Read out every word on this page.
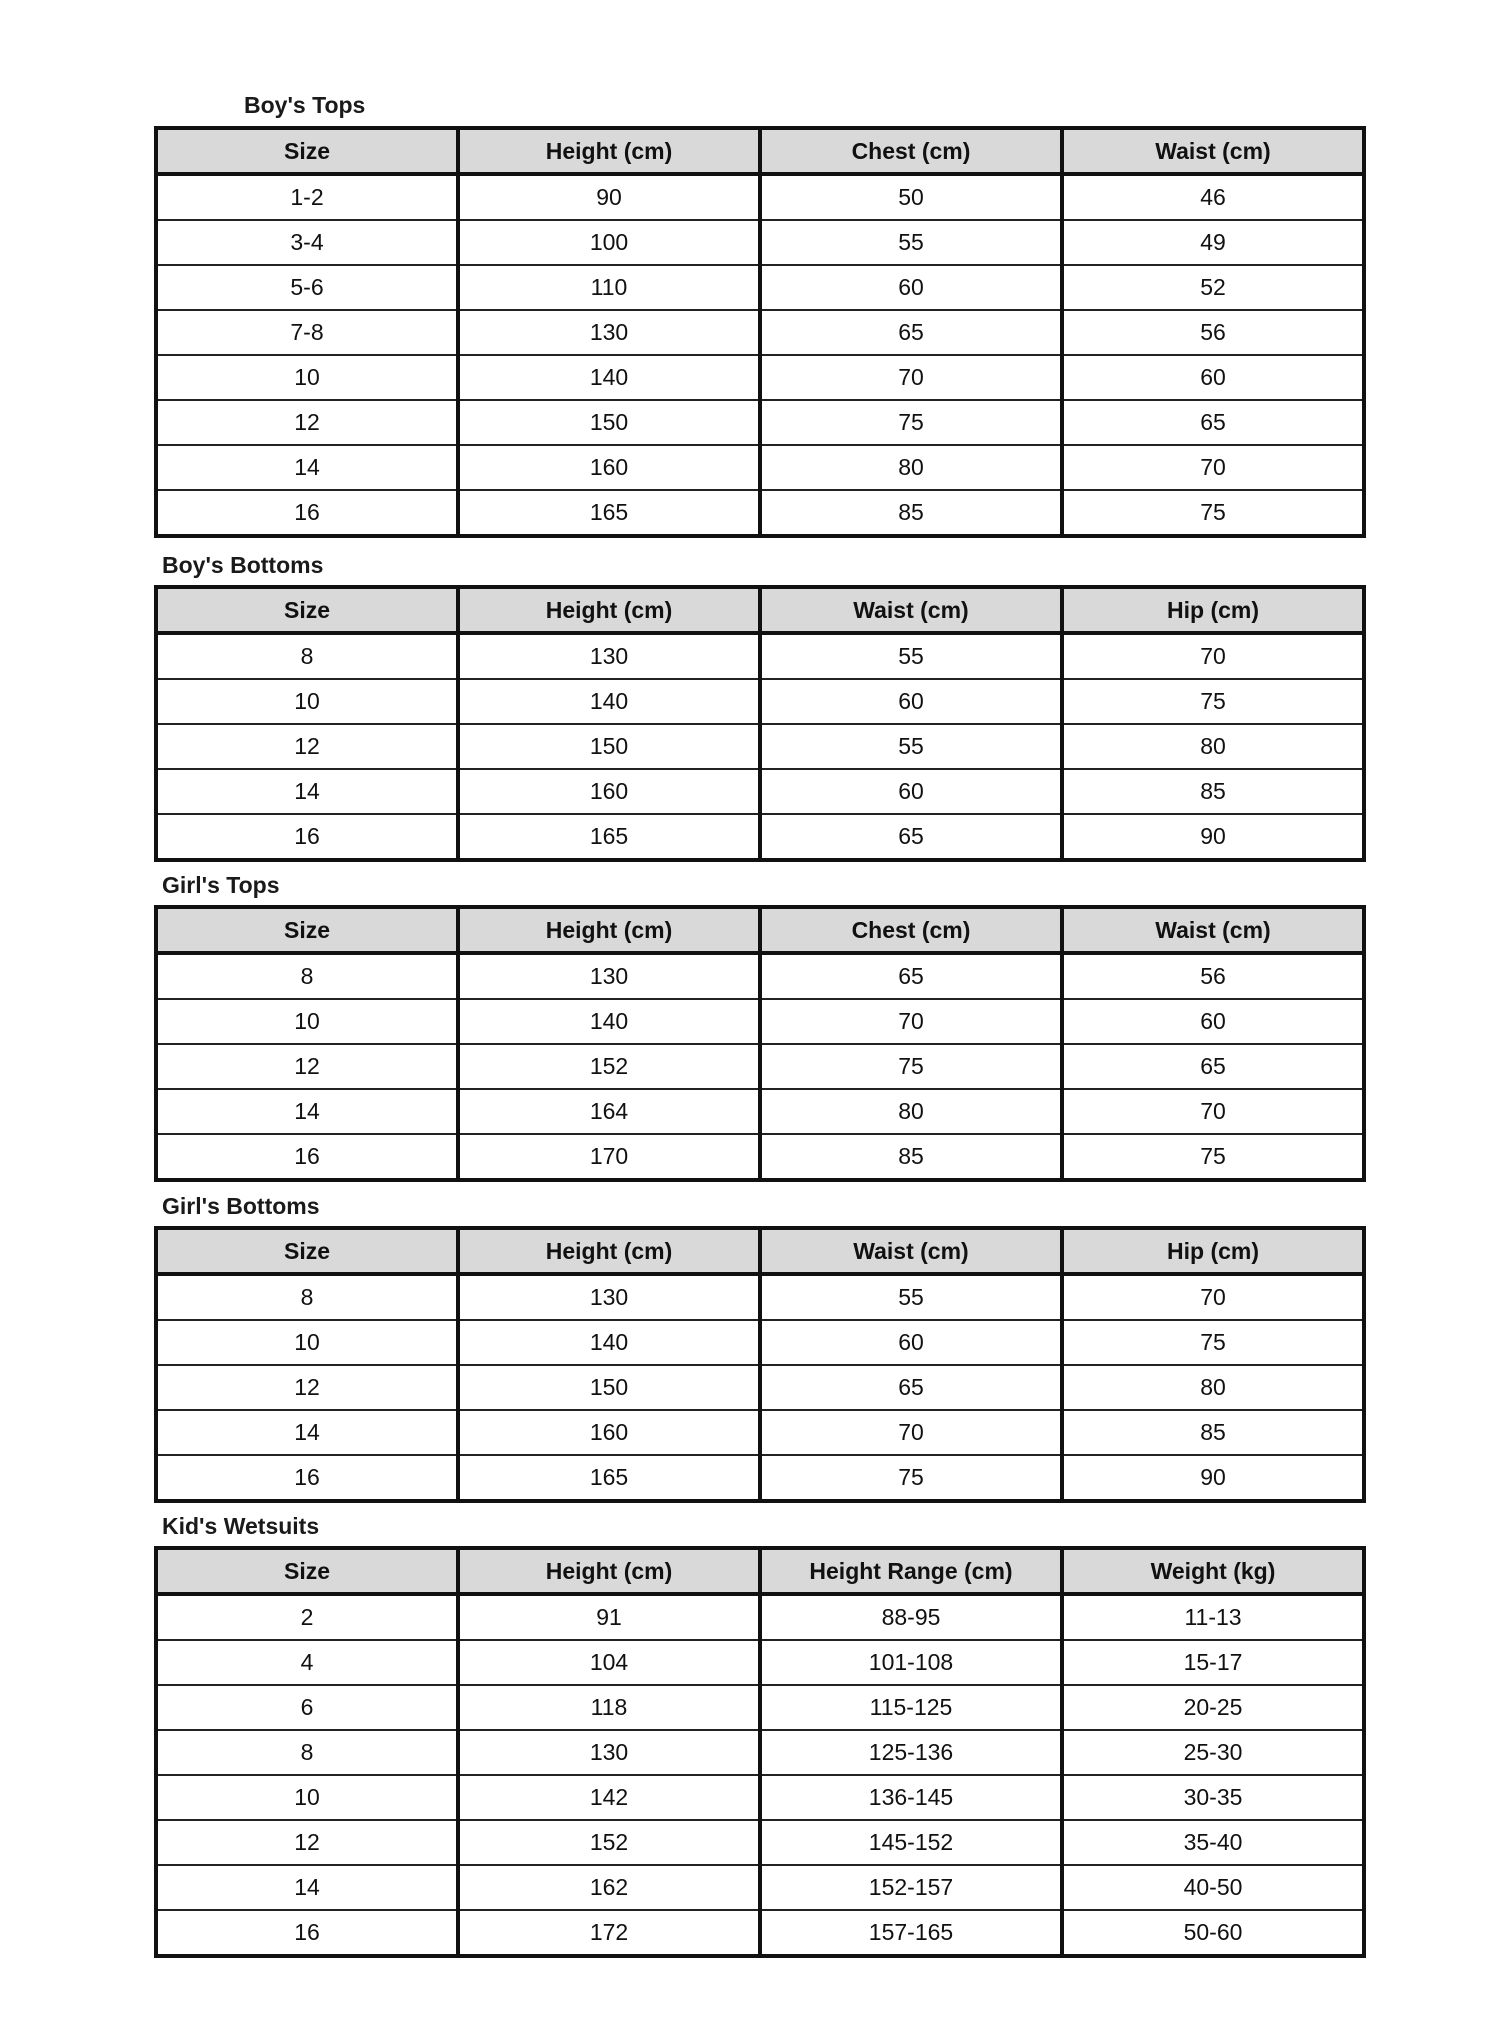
Boy's Tops
Size	Height (cm)	Chest (cm)	Waist (cm)
1-2	90	50	46
3-4	100	55	49
5-6	110	60	52
7-8	130	65	56
10	140	70	60
12	150	75	65
14	160	80	70
16	165	85	75
Boy's Bottoms
Size	Height (cm)	Waist (cm)	Hip (cm)
8	130	55	70
10	140	60	75
12	150	55	80
14	160	60	85
16	165	65	90
Girl's Tops
Size	Height (cm)	Chest (cm)	Waist (cm)
8	130	65	56
10	140	70	60
12	152	75	65
14	164	80	70
16	170	85	75
Girl's Bottoms
Size	Height (cm)	Waist (cm)	Hip (cm)
8	130	55	70
10	140	60	75
12	150	65	80
14	160	70	85
16	165	75	90
Kid's Wetsuits
Size	Height (cm)	Height Range (cm)	Weight (kg)
2	91	88-95	11-13
4	104	101-108	15-17
6	118	115-125	20-25
8	130	125-136	25-30
10	142	136-145	30-35
12	152	145-152	35-40
14	162	152-157	40-50
16	172	157-165	50-60
